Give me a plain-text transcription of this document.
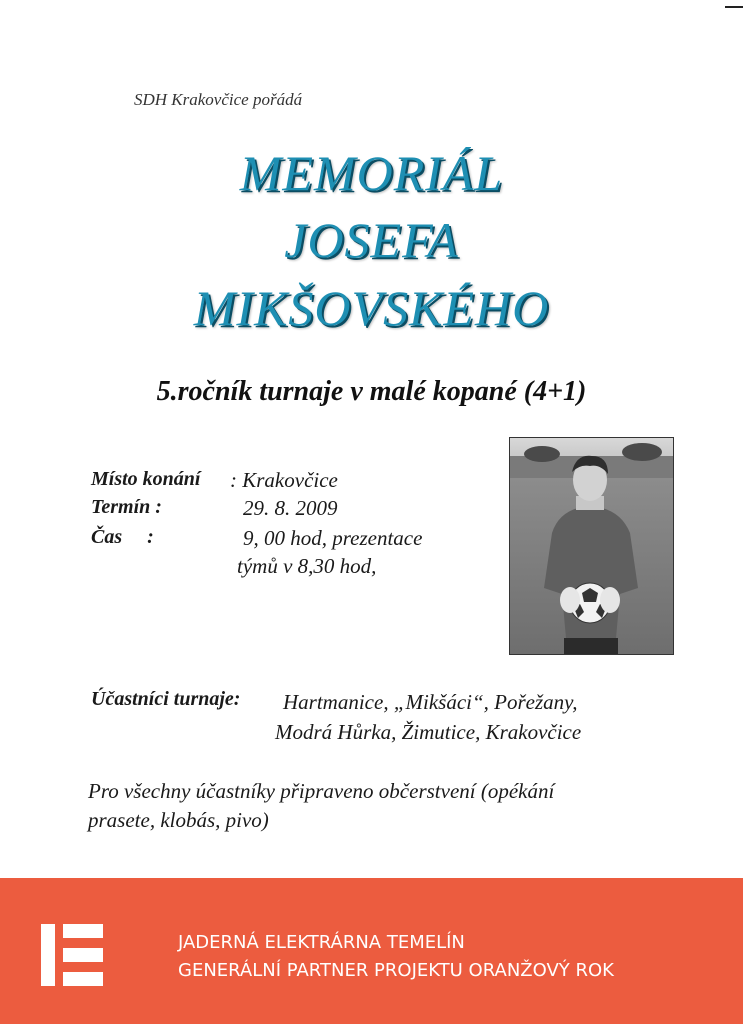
SDH Krakovčice pořádá
MEMORIÁL
JOSEFA
MIKŠOVSKÉHO
5.ročník turnaje v malé kopané (4+1)
Místo konání : Krakovčice
Termín :	29. 8. 2009
Čas     :	9, 00 hod, prezentace
týmů v 8,30 hod,
Účastníci turnaje: Hartmanice, „Mikšáci“, Pořežany,
Modrá Hůrka, Žimutice, Krakovčice
Pro všechny účastníky připraveno občerstvení (opékání
prasete, klobás, pivo)
JADERNÁ ELEKTRÁRNA TEMELÍN
GENERÁLNÍ PARTNER PROJEKTU ORANŽOVÝ ROK
